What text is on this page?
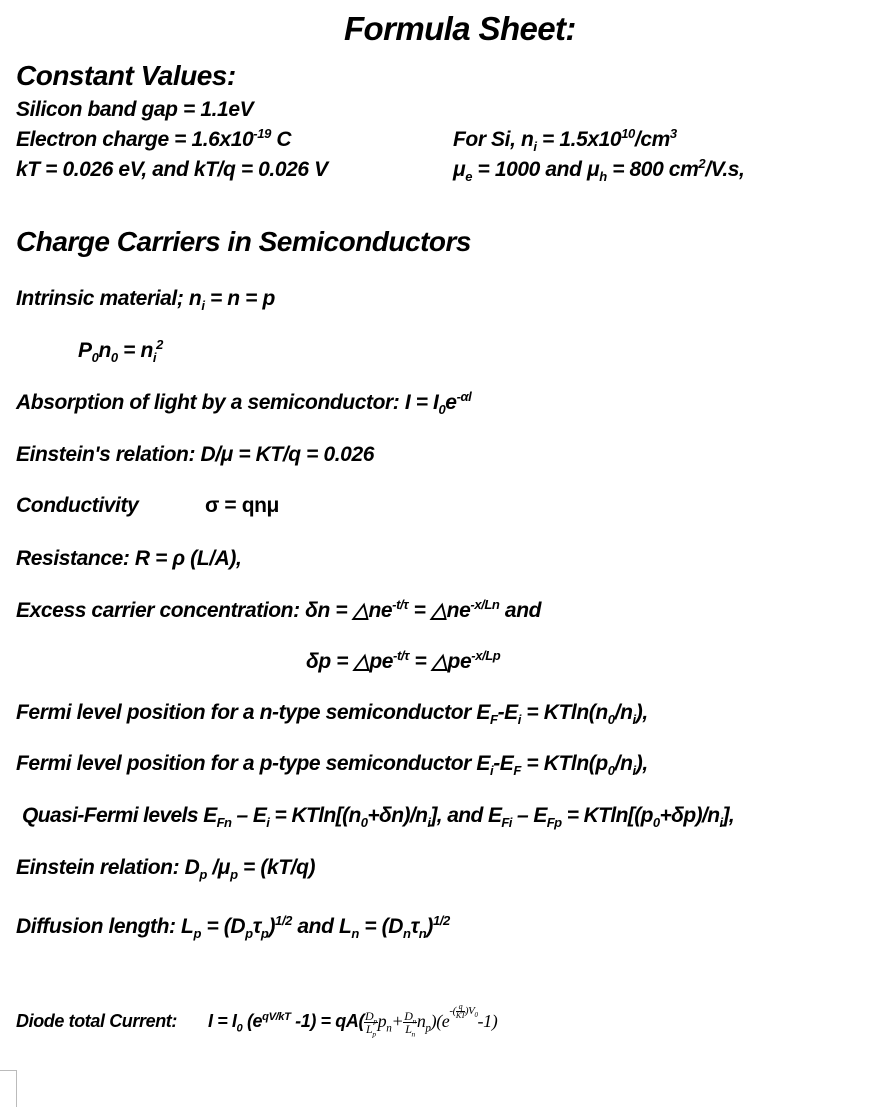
Formula Sheet:
Constant Values:
Silicon band gap = 1.1eV
Electron charge = $1.6x10^{-19}$ C
kT = 0.026 eV, and kT/q = 0.026 V
For Si, $n_i = 1.5x10^{10}/cm^3$
$\mu_e = 1000$ and $\mu_h = 800$ $cm^2/V.s$,
Charge Carriers in Semiconductors
Intrinsic material; $n_i = n = p$
$P_0n_0 = n_i^2$
Absorption of light by a semiconductor: $I = I_0e^{-\alpha l}$
Einstein's relation: D/μ = KT/q = 0.026
Conductivity	σ = qnμ
Resistance: R = ρ (L/A),
Excess carrier concentration: $\delta n = \triangle ne^{-t/\tau}$ = $\triangle ne^{-x/Ln}$ and
$\delta p = \triangle pe^{-t/\tau}$ = $\triangle pe^{-x/Lp}$
Fermi level position for a n-type semiconductor $E_F-E_i = KTln(n_0/n_i)$,
Fermi level position for a p-type semiconductor $E_i-E_F = KTln(p_0/n_i)$,
Quasi-Fermi levels $E_{Fn} - E_i = KTln[(n_0+\delta n)/n_i]$, and $E_{Fi} - E_{Fp} = KTln[(p_0+\delta p)/n_i]$,
Einstein relation: $D_p$ $/\mu_p = (kT/q)$
Diffusion length: $L_p = (D_p\tau_p)^{1/2}$ and $L_n = (D_n\tau_n)^{1/2}$
Diode total Current: $I = I_0$ ($e^{qV/kT}$ $-1) = qA( \frac{D_p}{L_p} p_n+ \frac{D_n}{L_n} n_p)(e^{-( \frac{q}{KT} )V_0}-1)$
